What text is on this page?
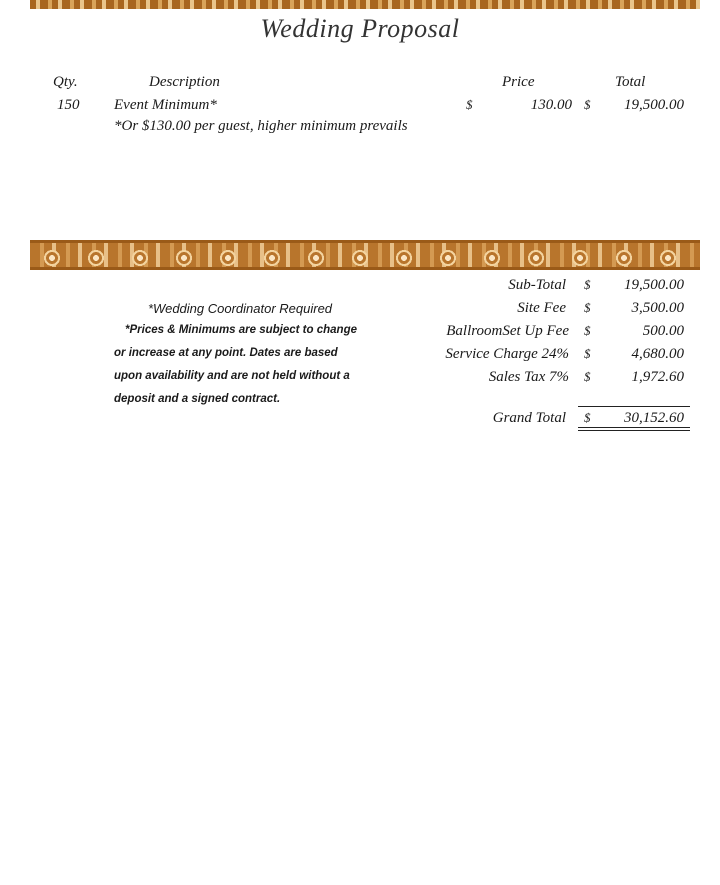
Wedding Proposal
Qty.	Description	Price	Total
150 Event Minimum*	$	130.00 $	19,500.00
*Or $130.00 per guest, higher minimum prevails
*Wedding Coordinator Required
*Prices & Minimums are subject to change
or increase at any point. Dates are based
upon availability and are not held without a
deposit and a signed contract.
Sub-Total $	19,500.00
Site Fee $	3,500.00
BallroomSet Up Fee $	500.00
Service Charge 24% $	4,680.00
Sales Tax 7% $	1,972.60
Grand Total $	30,152.60
